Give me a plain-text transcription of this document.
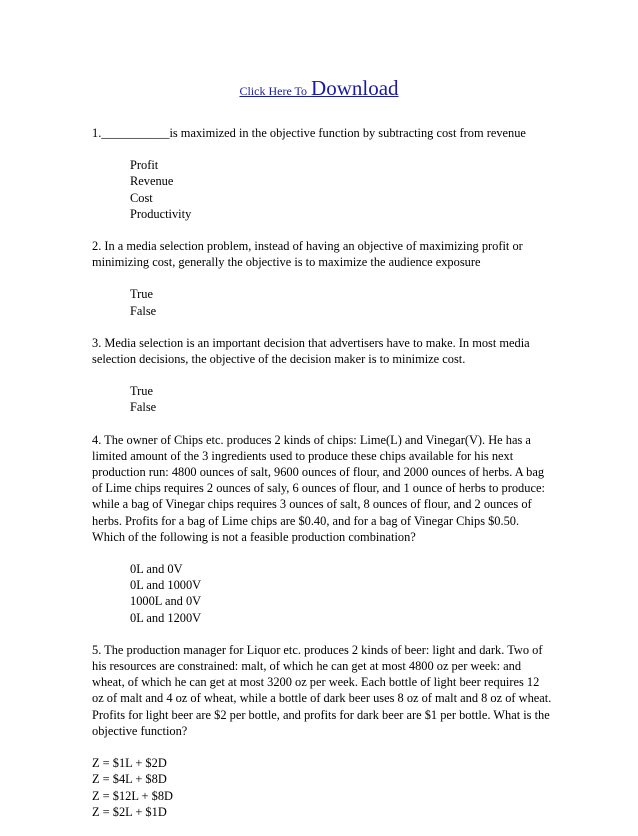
Click Here To Download

1.___________is maximized in the objective function by subtracting cost from revenue

Profit
Revenue
Cost
Productivity

2. In a media selection problem, instead of having an objective of maximizing profit or minimizing cost, generally the objective is to maximize the audience exposure

True
False

3. Media selection is an important decision that advertisers have to make. In most media selection decisions, the objective of the decision maker is to minimize cost.

True
False

4. The owner of Chips etc. produces 2 kinds of chips: Lime(L) and Vinegar(V). He has a limited amount of the 3 ingredients used to produce these chips available for his next production run: 4800 ounces of salt, 9600 ounces of flour, and 2000 ounces of herbs. A bag of Lime chips requires 2 ounces of saly, 6 ounces of flour, and 1 ounce of herbs to produce: while a bag of Vinegar chips requires 3 ounces of salt, 8 ounces of flour, and 2 ounces of herbs. Profits for a bag of Lime chips are $0.40, and for a bag of Vinegar Chips $0.50. Which of the following is not a feasible production combination?

0L and 0V
0L and 1000V
1000L and 0V
0L and 1200V

5. The production manager for Liquor etc. produces 2 kinds of beer: light and dark. Two of his resources are constrained: malt, of which he can get at most 4800 oz per week: and wheat, of which he can get at most 3200 oz per week. Each bottle of light beer requires 12 oz of malt and 4 oz of wheat, while a bottle of dark beer uses 8 oz of malt and 8 oz of wheat. Profits for light beer are $2 per bottle, and profits for dark beer are $1 per bottle. What is the objective function?

Z = $1L + $2D
Z = $4L + $8D
Z = $12L + $8D
Z = $2L + $1D
